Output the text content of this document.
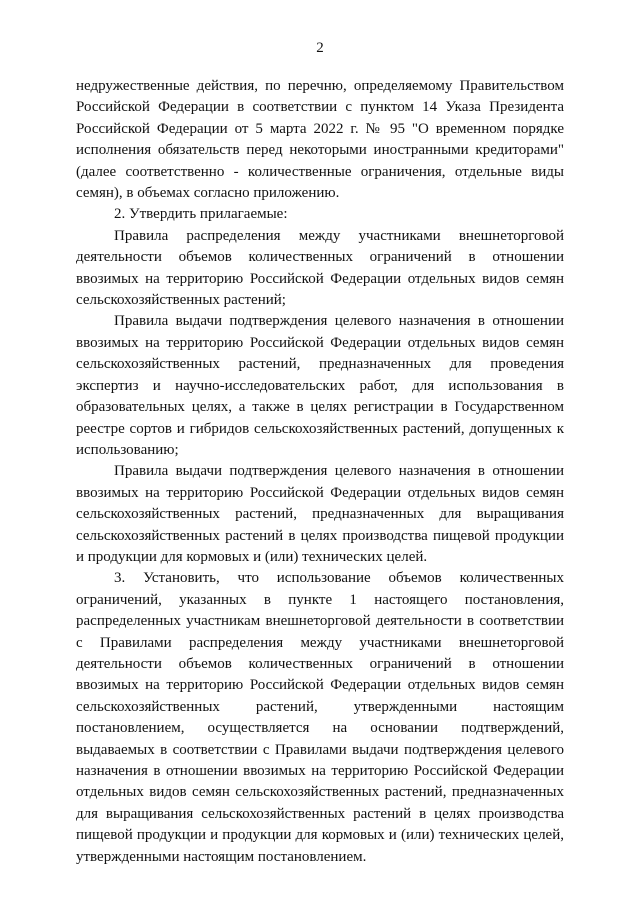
2

недружественные действия, по перечню, определяемому Правительством Российской Федерации в соответствии с пунктом 14 Указа Президента Российской Федерации от 5 марта 2022 г. № 95 "О временном порядке исполнения обязательств перед некоторыми иностранными кредиторами" (далее соответственно - количественные ограничения, отдельные виды семян), в объемах согласно приложению.

2. Утвердить прилагаемые:

Правила распределения между участниками внешнеторговой деятельности объемов количественных ограничений в отношении ввозимых на территорию Российской Федерации отдельных видов семян сельскохозяйственных растений;

Правила выдачи подтверждения целевого назначения в отношении ввозимых на территорию Российской Федерации отдельных видов семян сельскохозяйственных растений, предназначенных для проведения экспертиз и научно-исследовательских работ, для использования в образовательных целях, а также в целях регистрации в Государственном реестре сортов и гибридов сельскохозяйственных растений, допущенных к использованию;

Правила выдачи подтверждения целевого назначения в отношении ввозимых на территорию Российской Федерации отдельных видов семян сельскохозяйственных растений, предназначенных для выращивания сельскохозяйственных растений в целях производства пищевой продукции и продукции для кормовых и (или) технических целей.

3. Установить, что использование объемов количественных ограничений, указанных в пункте 1 настоящего постановления, распределенных участникам внешнеторговой деятельности в соответствии с Правилами распределения между участниками внешнеторговой деятельности объемов количественных ограничений в отношении ввозимых на территорию Российской Федерации отдельных видов семян сельскохозяйственных растений, утвержденными настоящим постановлением, осуществляется на основании подтверждений, выдаваемых в соответствии с Правилами выдачи подтверждения целевого назначения в отношении ввозимых на территорию Российской Федерации отдельных видов семян сельскохозяйственных растений, предназначенных для выращивания сельскохозяйственных растений в целях производства пищевой продукции и продукции для кормовых и (или) технических целей, утвержденными настоящим постановлением.
